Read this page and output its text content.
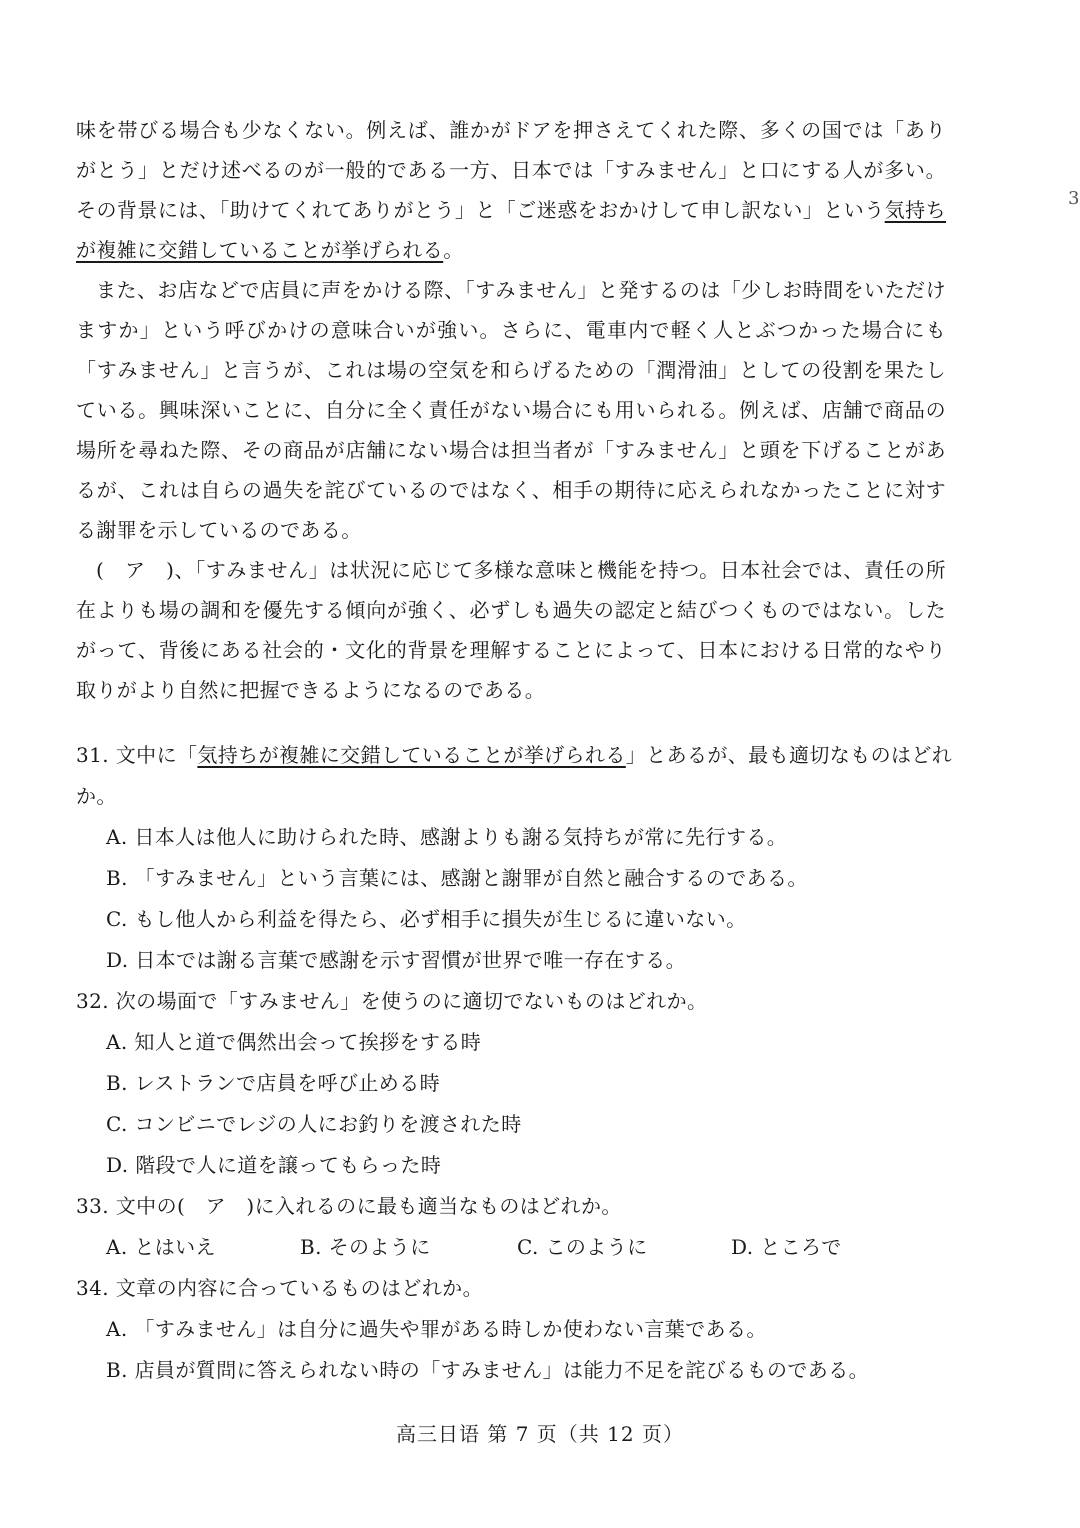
3

味を帯びる場合も少なくない。例えば、誰かがドアを押さえてくれた際、多くの国では「ありがとう」とだけ述べるのが一般的である一方、日本では「すみません」と口にする人が多い。その背景には、「助けてくれてありがとう」と「ご迷惑をおかけして申し訳ない」という気持ちが複雑に交錯していることが挙げられる。

また、お店などで店員に声をかける際、「すみません」と発するのは「少しお時間をいただけますか」という呼びかけの意味合いが強い。さらに、電車内で軽く人とぶつかった場合にも「すみません」と言うが、これは場の空気を和らげるための「潤滑油」としての役割を果たしている。興味深いことに、自分に全く責任がない場合にも用いられる。例えば、店舗で商品の場所を尋ねた際、その商品が店舗にない場合は担当者が「すみません」と頭を下げることがあるが、これは自らの過失を詫びているのではなく、相手の期待に応えられなかったことに対する謝罪を示しているのである。

(　ア　)、「すみません」は状況に応じて多様な意味と機能を持つ。日本社会では、責任の所在よりも場の調和を優先する傾向が強く、必ずしも過失の認定と結びつくものではない。したがって、背後にある社会的・文化的背景を理解することによって、日本における日常的なやり取りがより自然に把握できるようになるのである。

31. 文中に「気持ちが複雑に交錯していることが挙げられる」とあるが、最も適切なものはどれか。

A. 日本人は他人に助けられた時、感謝よりも謝る気持ちが常に先行する。

B. 「すみません」という言葉には、感謝と謝罪が自然と融合するのである。

C. もし他人から利益を得たら、必ず相手に損失が生じるに違いない。

D. 日本では謝る言葉で感謝を示す習慣が世界で唯一存在する。

32. 次の場面で「すみません」を使うのに適切でないものはどれか。

A. 知人と道で偶然出会って挨拶をする時

B. レストランで店員を呼び止める時

C. コンビニでレジの人にお釣りを渡された時

D. 階段で人に道を譲ってもらった時

33. 文中の(　ア　)に入れるのに最も適当なものはどれか。

A. とはいえ	B. そのように	C. このように	D. ところで

34. 文章の内容に合っているものはどれか。

A. 「すみません」は自分に過失や罪がある時しか使わない言葉である。

B. 店員が質問に答えられない時の「すみません」は能力不足を詫びるものである。

高三日语 第 7 页（共 12 页）
